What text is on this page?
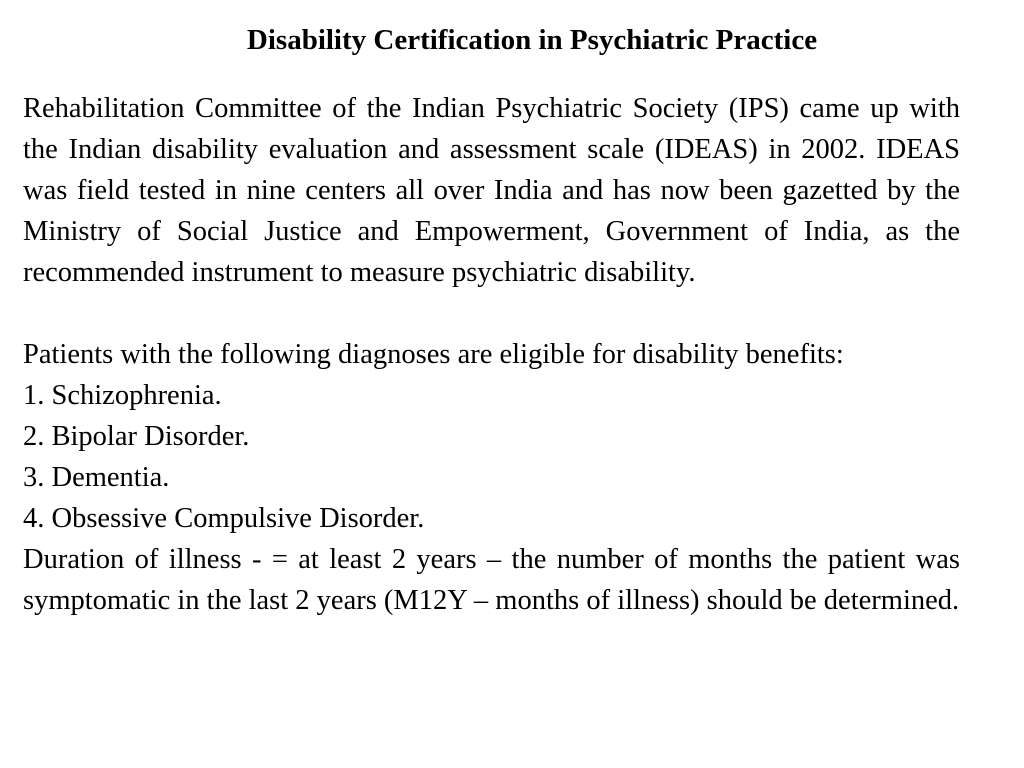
Disability Certification in Psychiatric Practice

Rehabilitation Committee of the Indian Psychiatric Society (IPS) came up with the Indian disability evaluation and assessment scale (IDEAS) in 2002. IDEAS was field tested in nine centers all over India and has now been gazetted by the Ministry of Social Justice and Empowerment, Government of India, as the recommended instrument to measure psychiatric disability.

Patients with the following diagnoses are eligible for disability benefits:

1. Schizophrenia.
2. Bipolar Disorder.
3. Dementia.
4. Obsessive Compulsive Disorder.

Duration of illness - = at least 2 years – the number of months the patient was symptomatic in the last 2 years (M12Y – months of illness) should be determined.
